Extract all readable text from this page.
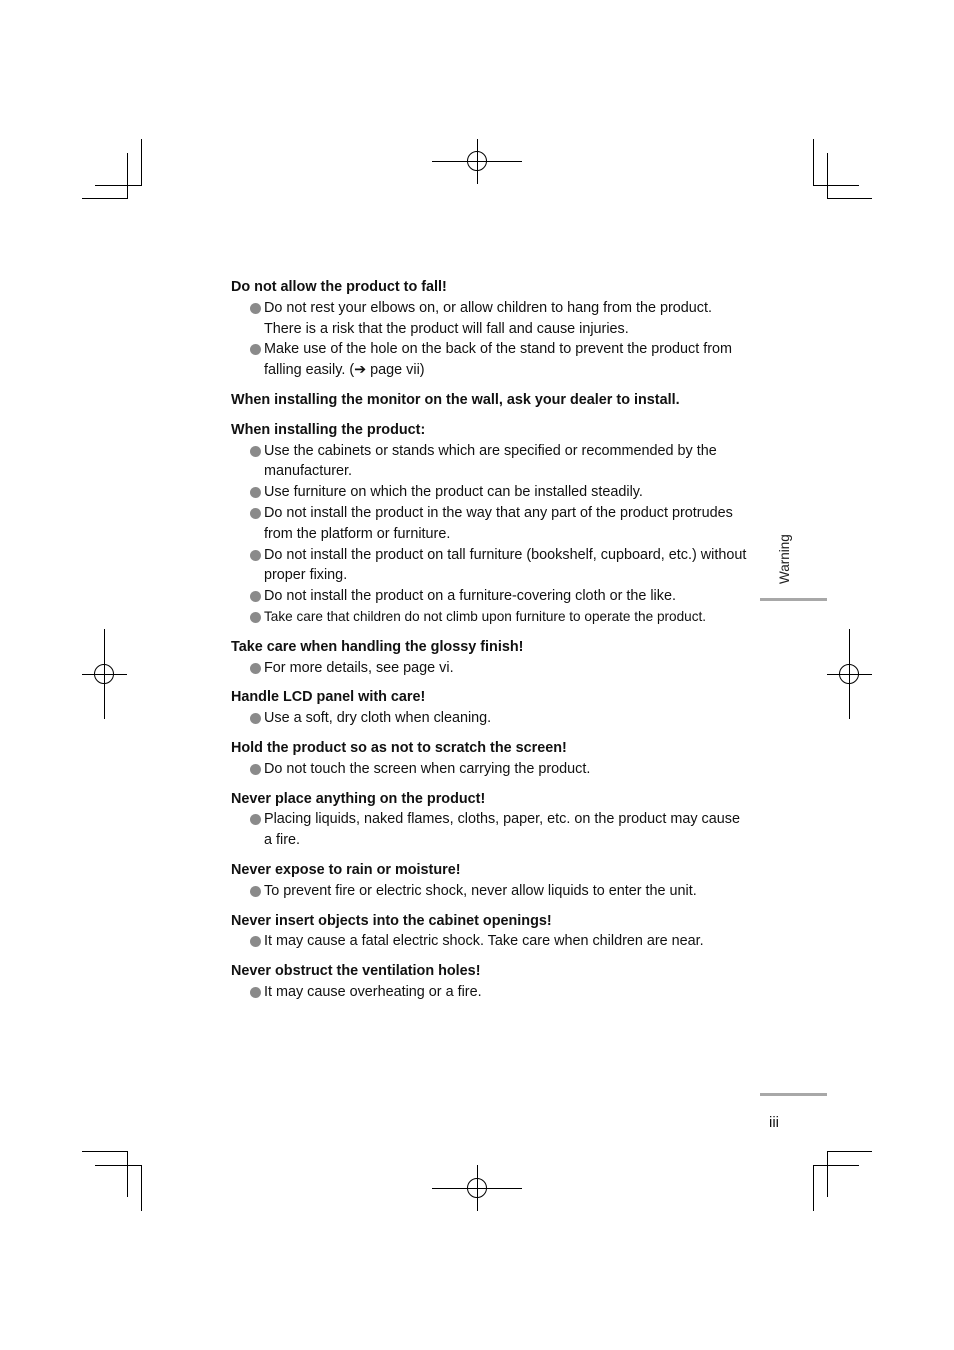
Do not allow the product to fall!

Do not rest your elbows on, or allow children to hang from the product. There is a risk that the product will fall and cause injuries.
Make use of the hole on the back of the stand to prevent the product from falling easily. (➔ page vii)

When installing the monitor on the wall, ask your dealer to install.

When installing the product:

Use the cabinets or stands which are specified or recommended by the manufacturer.
Use furniture on which the product can be installed steadily.
Do not install the product in the way that any part of the product protrudes from the platform or furniture.
Do not install the product on tall furniture (bookshelf, cupboard, etc.) without proper fixing.
Do not install the product on a furniture-covering cloth or the like.
Take care that children do not climb upon furniture to operate the product.

Take care when handling the glossy finish!

For more details, see page vi.

Handle LCD panel with care!

Use a soft, dry cloth when cleaning.

Hold the product so as not to scratch the screen!

Do not touch the screen when carrying the product.

Never place anything on the product!

Placing liquids, naked flames, cloths, paper, etc. on the product may cause a fire.

Never expose to rain or moisture!

To prevent fire or electric shock, never allow liquids to enter the unit.

Never insert objects into the cabinet openings!

It may cause a fatal electric shock. Take care when children are near.

Never obstruct the ventilation holes!

It may cause overheating or a fire.
Warning
iii
